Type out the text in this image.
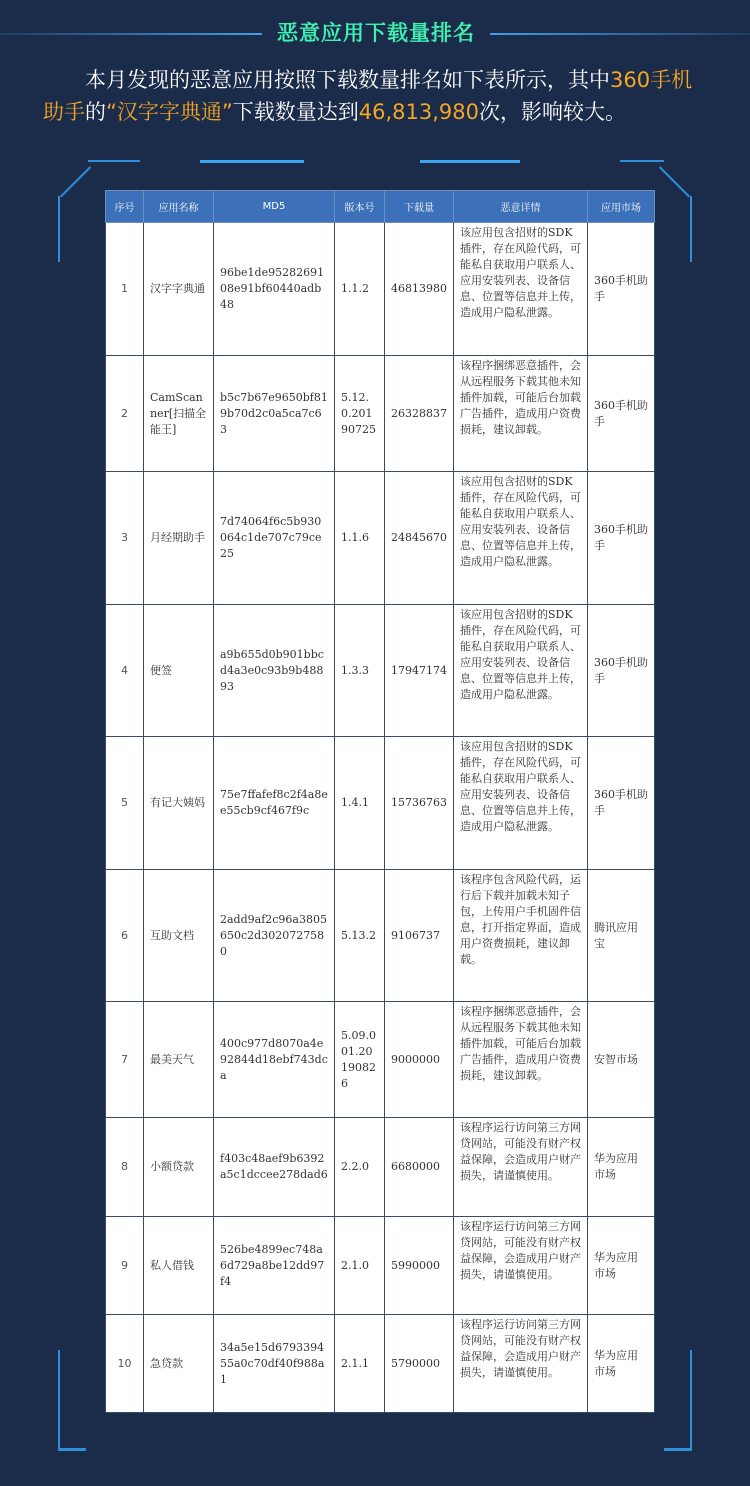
恶意应用下载量排名

本月发现的恶意应用按照下载数量排名如下表所示，其中360手机助手的“汉字字典通”下载数量达到46,813,980次，影响较大。

序号	应用名称	MD5	版本号	下载量	恶意详情	应用市场
1	汉字字典通	96be1de9528269108e91bf60440adb48	1.1.2	46813980	该应用包含招财的SDK插件，存在风险代码，可能私自获取用户联系人、应用安装列表、设备信息、位置等信息并上传，造成用户隐私泄露。	360手机助手
2	CamScanner[扫描全能王]	b5c7b67e9650bf819b70d2c0a5ca7c63	5.12.0.20190725	26328837	该程序捆绑恶意插件，会从远程服务下载其他未知插件加载，可能后台加载广告插件，造成用户资费损耗，建议卸载。	360手机助手
3	月经期助手	7d74064f6c5b930064c1de707c79ce25	1.1.6	24845670	该应用包含招财的SDK插件，存在风险代码，可能私自获取用户联系人、应用安装列表、设备信息、位置等信息并上传，造成用户隐私泄露。	360手机助手
4	便签	a9b655d0b901bbcd4a3e0c93b9b48893	1.3.3	17947174	该应用包含招财的SDK插件，存在风险代码，可能私自获取用户联系人、应用安装列表、设备信息、位置等信息并上传，造成用户隐私泄露。	360手机助手
5	有记大姨妈	75e7ffafef8c2f4a8ee55cb9cf467f9c	1.4.1	15736763	该应用包含招财的SDK插件，存在风险代码，可能私自获取用户联系人、应用安装列表、设备信息、位置等信息并上传，造成用户隐私泄露。	360手机助手
6	互助文档	2add9af2c96a3805650c2d3020727580	5.13.2	9106737	该程序包含风险代码，运行后下载并加载未知子包，上传用户手机固件信息，打开指定界面，造成用户资费损耗，建议卸载。	腾讯应用宝
7	最美天气	400c977d8070a4e92844d18ebf743dca	5.09.001.20190826	9000000	该程序捆绑恶意插件，会从远程服务下载其他未知插件加载，可能后台加载广告插件，造成用户资费损耗，建议卸载。	安智市场
8	小额贷款	f403c48aef9b6392a5c1dccee278dad6	2.2.0	6680000	该程序运行访问第三方网贷网站，可能没有财产权益保障，会造成用户财产损失，请谨慎使用。	华为应用市场
9	私人借钱	526be4899ec748a6d729a8be12dd97f4	2.1.0	5990000	该程序运行访问第三方网贷网站，可能没有财产权益保障，会造成用户财产损失，请谨慎使用。	华为应用市场
10	急贷款	34a5e15d679339455a0c70df40f988a1	2.1.1	5790000	该程序运行访问第三方网贷网站，可能没有财产权益保障，会造成用户财产损失，请谨慎使用。	华为应用市场
